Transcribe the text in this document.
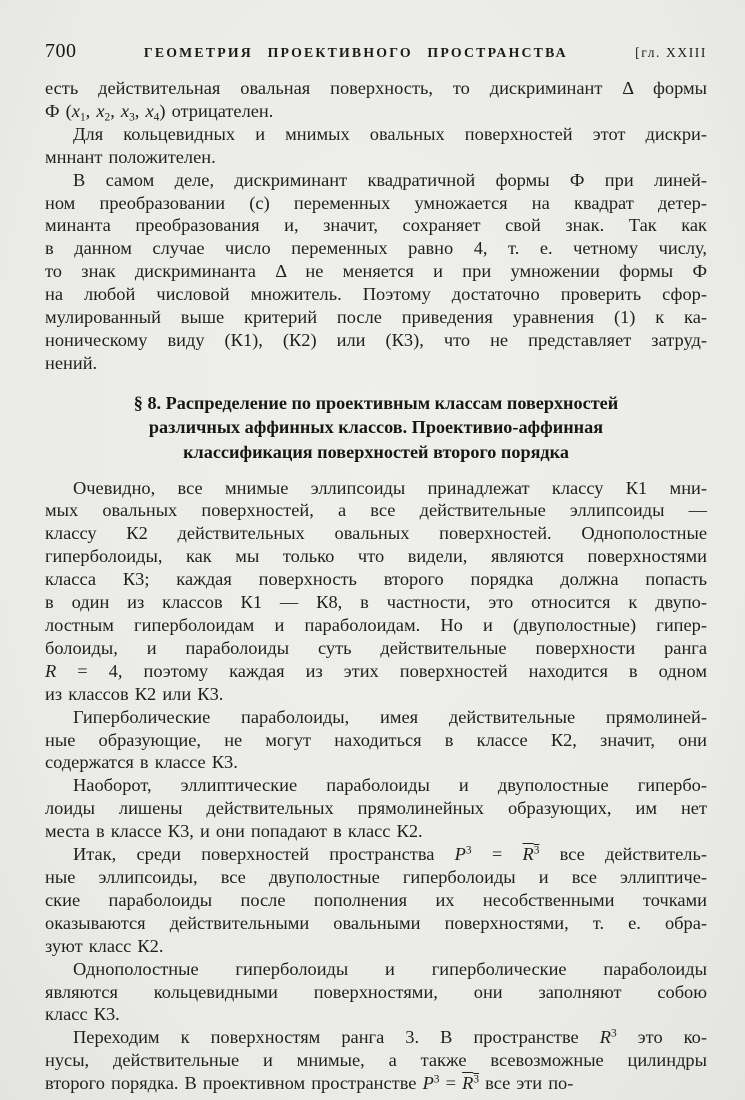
700	ГЕОМЕТРИЯ ПРОЕКТИВНОГО ПРОСТРАНСТВА	[гл. XXIII
есть действительная овальная поверхность, то дискриминант Δ формы
Ф ($x_1$, $x_2$, $x_3$, $x_4$) отрицателен.
Для кольцевидных и мнимых овальных поверхностей этот дискри-
мннант положителен.
В самом деле, дискриминант квадратичной формы Ф при линей-
ном преобразовании (с) переменных умножается на квадрат детер-
минанта преобразования и, значит, сохраняет свой знак. Так как
в данном случае число переменных равно 4, т. е. четному числу,
то знак дискриминанта Δ не меняется и при умножении формы Ф
на любой числовой множитель. Поэтому достаточно проверить сфор-
мулированный выше критерий после приведения уравнения (1) к ка-
ноническому виду (К1), (К2) или (К3), что не представляет затруд-
нений.
§ 8. Распределение по проективным классам поверхностей
различных аффинных классов. Проективио-аффинная
классификация поверхностей второго порядка
Очевидно, все мнимые эллипсоиды принадлежат классу К1 мни-
мых овальных поверхностей, а все действительные эллипсоиды —
классу К2 действительных овальных поверхностей. Однополостные
гиперболоиды, как мы только что видели, являются поверхностями
класса К3; каждая поверхность второго порядка должна попасть
в один из классов К1 — К8, в частности, это относится к двупо-
лостным гиперболоидам и параболоидам. Но и (двуполостные) гипер-
болоиды, и параболоиды суть действительные поверхности ранга
R = 4, поэтому каждая из этих поверхностей находится в одном
из классов К2 или К3.
Гиперболические параболоиды, имея действительные прямолиней-
ные образующие, не могут находиться в классе К2, значит, они
содержатся в классе К3.
Наоборот, эллиптические параболоиды и двуполостные гипербо-
лоиды лишены действительных прямолинейных образующих, им нет
места в классе К3, и они попадают в класс К2.
Итак, среди поверхностей пространства $P^3 = R^3$ все действитель-
ные эллипсоиды, все двуполостные гиперболоиды и все эллиптиче-
ские параболоиды после пополнения их несобственными точками
оказываются действительными овальными поверхностями, т. е. обра-
зуют класс К2.
Однополостные гиперболоиды и гиперболические параболоиды
являются кольцевидными поверхностями, они заполняют собою
класс К3.
Переходим к поверхностям ранга 3. В пространстве $R^3$ это ко-
нусы, действительные и мнимые, а также всевозможные цилиндры
второго порядка. В проективном пространстве $P^3 = R^3$ все эти по-
